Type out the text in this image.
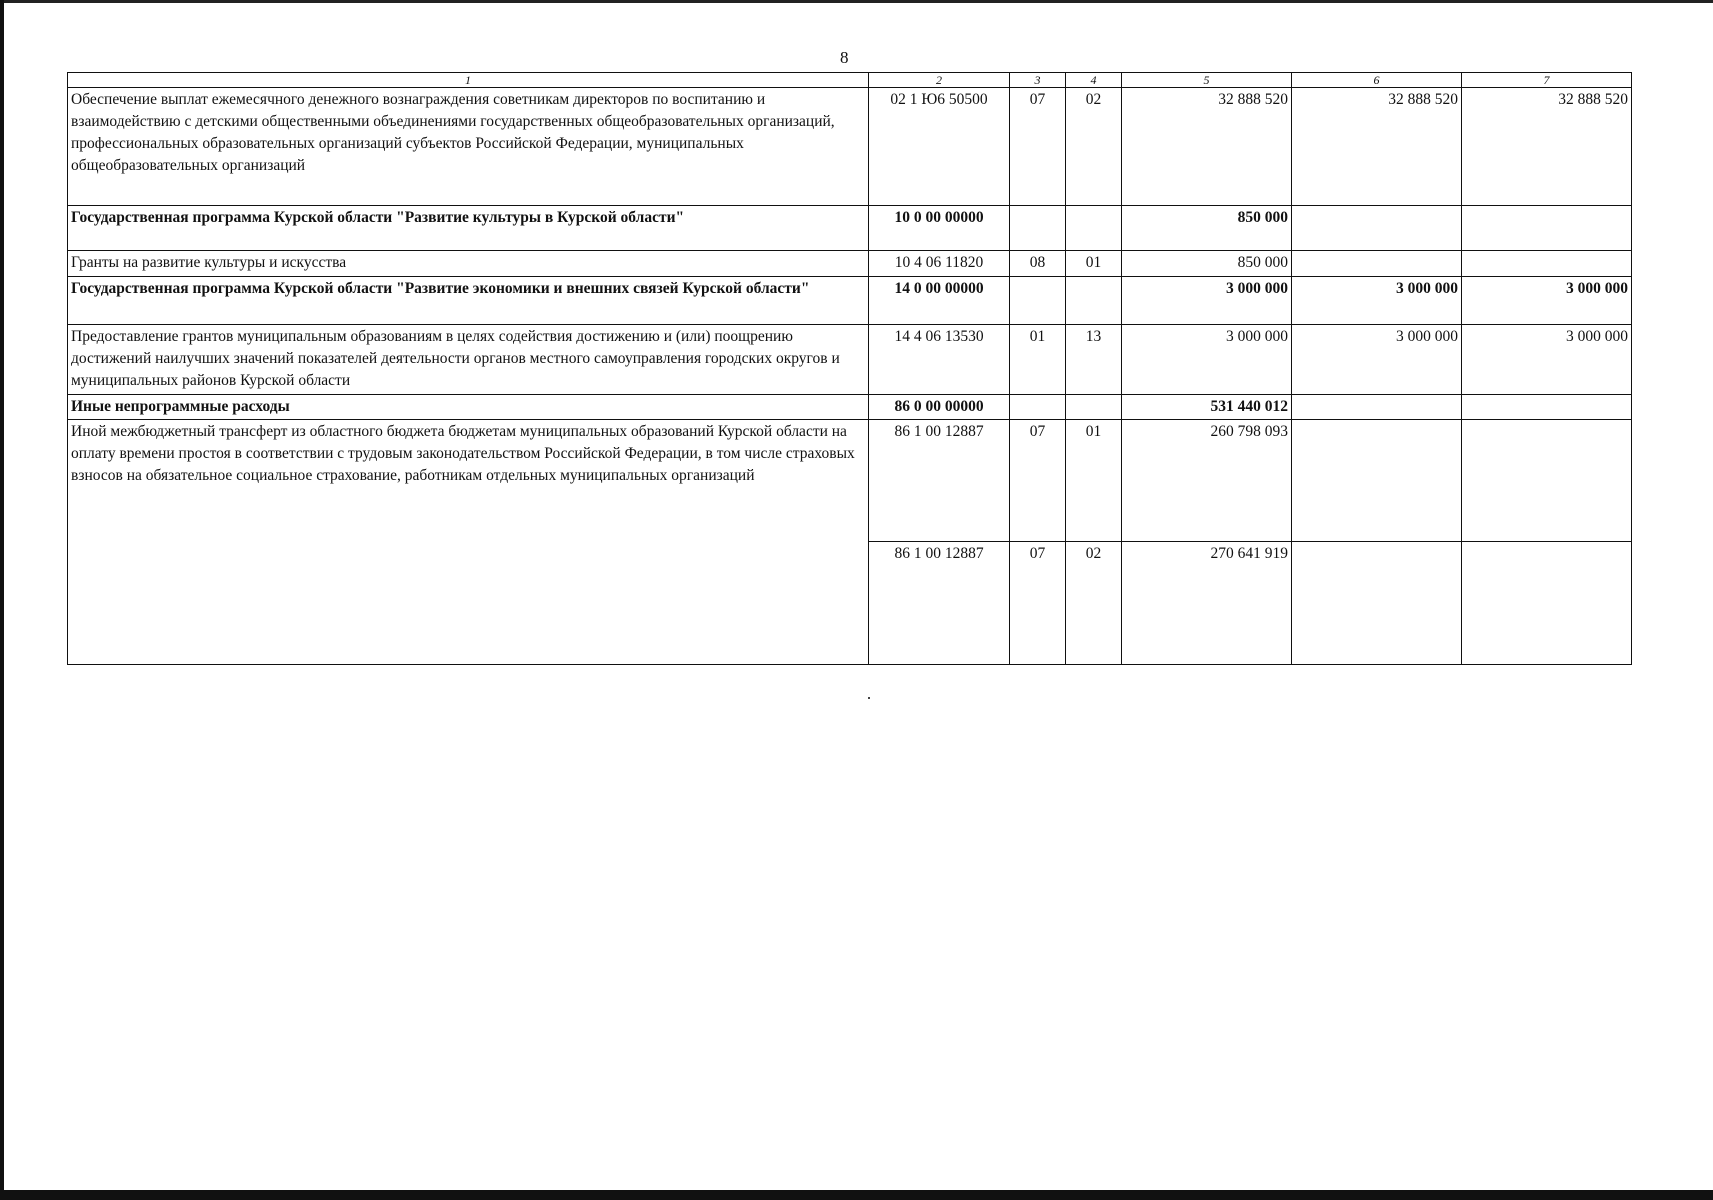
8
1	2	3	4	5	6	7
Обеспечение выплат ежемесячного денежного вознаграждения советникам директоров по воспитанию и взаимодействию с детскими общественными объединениями государственных общеобразовательных организаций, профессиональных образовательных организаций субъектов Российской Федерации, муниципальных общеобразовательных организаций	02 1 Ю6 50500	07	02	32 888 520	32 888 520	32 888 520
Государственная программа Курской области "Развитие культуры в Курской области"	10 0 00 00000			850 000		
Гранты на развитие культуры и искусства	10 4 06 11820	08	01	850 000		
Государственная программа Курской области "Развитие экономики и внешних связей Курской области"	14 0 00 00000			3 000 000	3 000 000	3 000 000
Предоставление грантов муниципальным образованиям в целях содействия достижению и (или) поощрению достижений наилучших значений показателей деятельности органов местного самоуправления городских округов и муниципальных районов Курской области	14 4 06 13530	01	13	3 000 000	3 000 000	3 000 000
Иные непрограммные расходы	86 0 00 00000			531 440 012		
Иной межбюджетный трансферт из областного бюджета бюджетам муниципальных образований Курской области на оплату времени простоя в соответствии с трудовым законодательством Российской Федерации, в том числе страховых взносов на обязательное социальное страхование, работникам отдельных муниципальных организаций	86 1 00 12887	07	01	260 798 093		
	86 1 00 12887	07	02	270 641 919		
